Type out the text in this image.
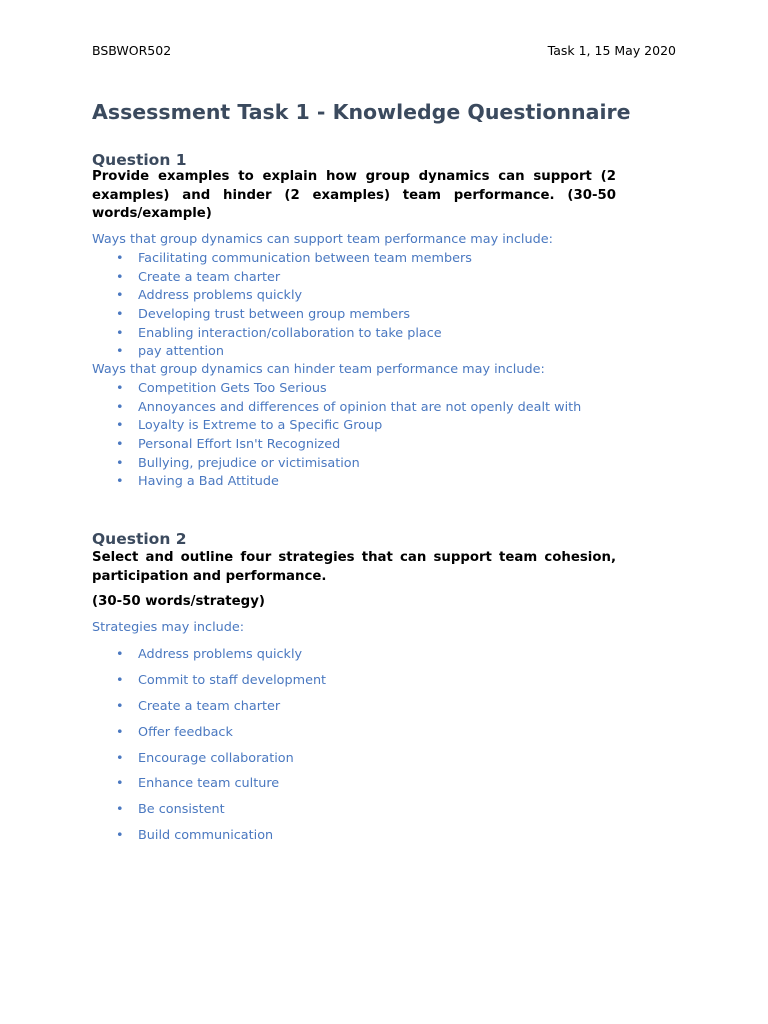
BSBWOR502	Task 1, 15 May 2020
Assessment Task 1 - Knowledge Questionnaire
Question 1

Provide examples to explain how group dynamics can support (2 examples) and hinder (2 examples) team performance. (30-50 words/example)

Ways that group dynamics can support team performance may include:

• Facilitating communication between team members
• Create a team charter
• Address problems quickly
• Developing trust between group members
• Enabling interaction/collaboration to take place
• pay attention

Ways that group dynamics can hinder team performance may include:

• Competition Gets Too Serious
• Annoyances and differences of opinion that are not openly dealt with
• Loyalty is Extreme to a Specific Group
• Personal Effort Isn't Recognized
• Bullying, prejudice or victimisation
• Having a Bad Attitude
Question 2

Select and outline four strategies that can support team cohesion, participation and performance.

(30-50 words/strategy)

Strategies may include:

• Address problems quickly
• Commit to staff development
• Create a team charter
• Offer feedback
• Encourage collaboration
• Enhance team culture
• Be consistent
• Build communication
